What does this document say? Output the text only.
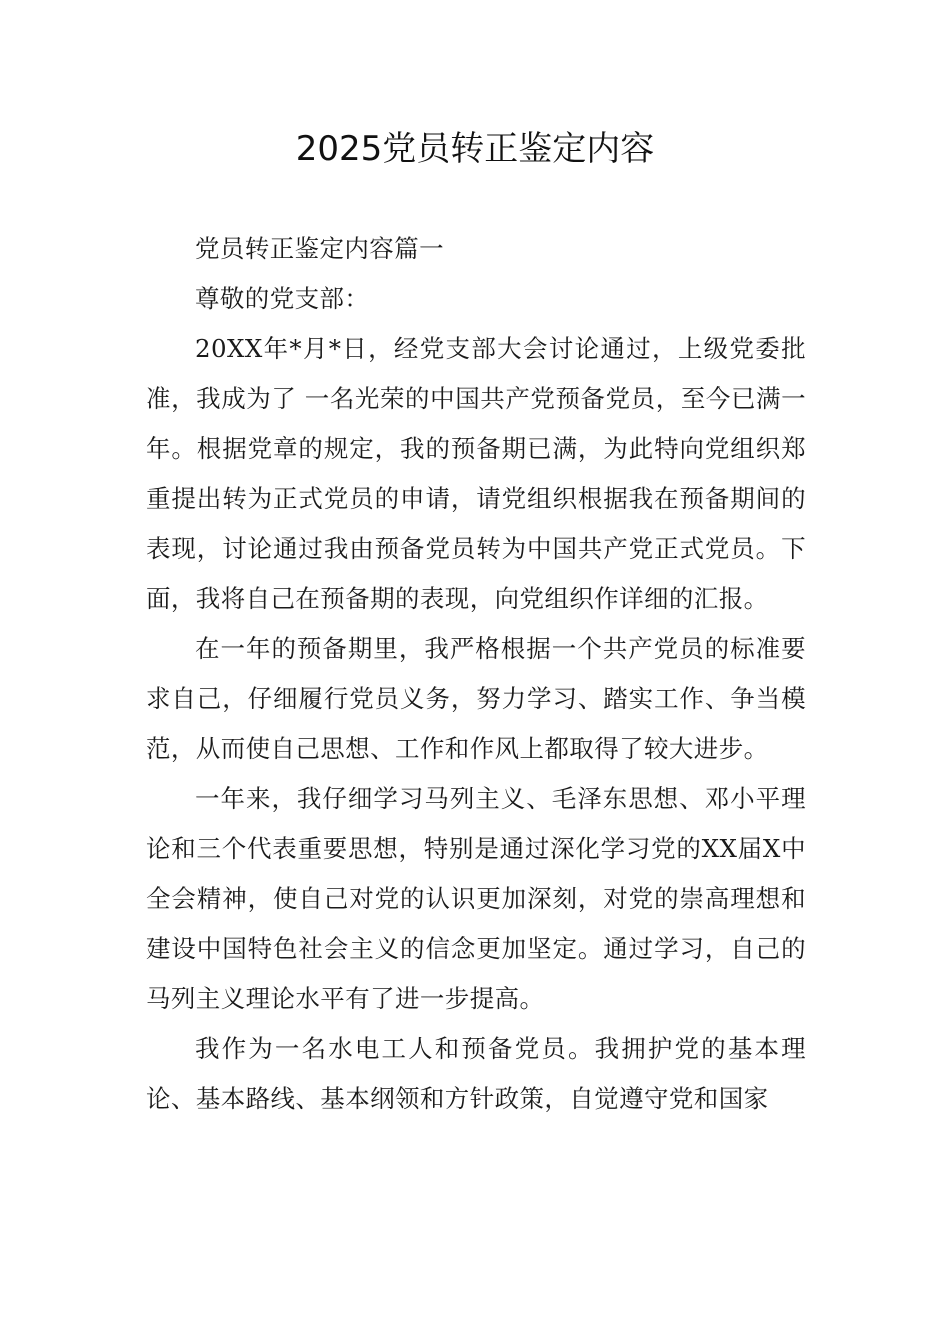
2025党员转正鉴定内容

党员转正鉴定内容篇一

尊敬的党支部：

20XX年*月*日，经党支部大会讨论通过，上级党委批准，我成为了 一名光荣的中国共产党预备党员，至今已满一年。根据党章的规定，我的预备期已满，为此特向党组织郑重提出转为正式党员的申请，请党组织根据我在预备期间的 表现，讨论通过我由预备党员转为中国共产党正式党员。下面，我将自己在预备期的表现，向党组织作详细的汇报。

在一年的预备期里，我严格根据一个共产党员的标准要求自己，仔细履行党员义务，努力学习、踏实工作、争当模范，从而使自己思想、工作和作风上都取得了较大进步。

一年来，我仔细学习马列主义、毛泽东思想、邓小平理论和三个代表重要思想，特别是通过深化学习党的XX届X中全会精神，使自己对党的认识更加深刻，对党的崇高理想和建设中国特色社会主义的信念更加坚定。通过学习，自己的马列主义理论水平有了进一步提高。

我作为一名水电工人和预备党员。我拥护党的基本理论、基本路线、基本纲领和方针政策，自觉遵守党和国家
